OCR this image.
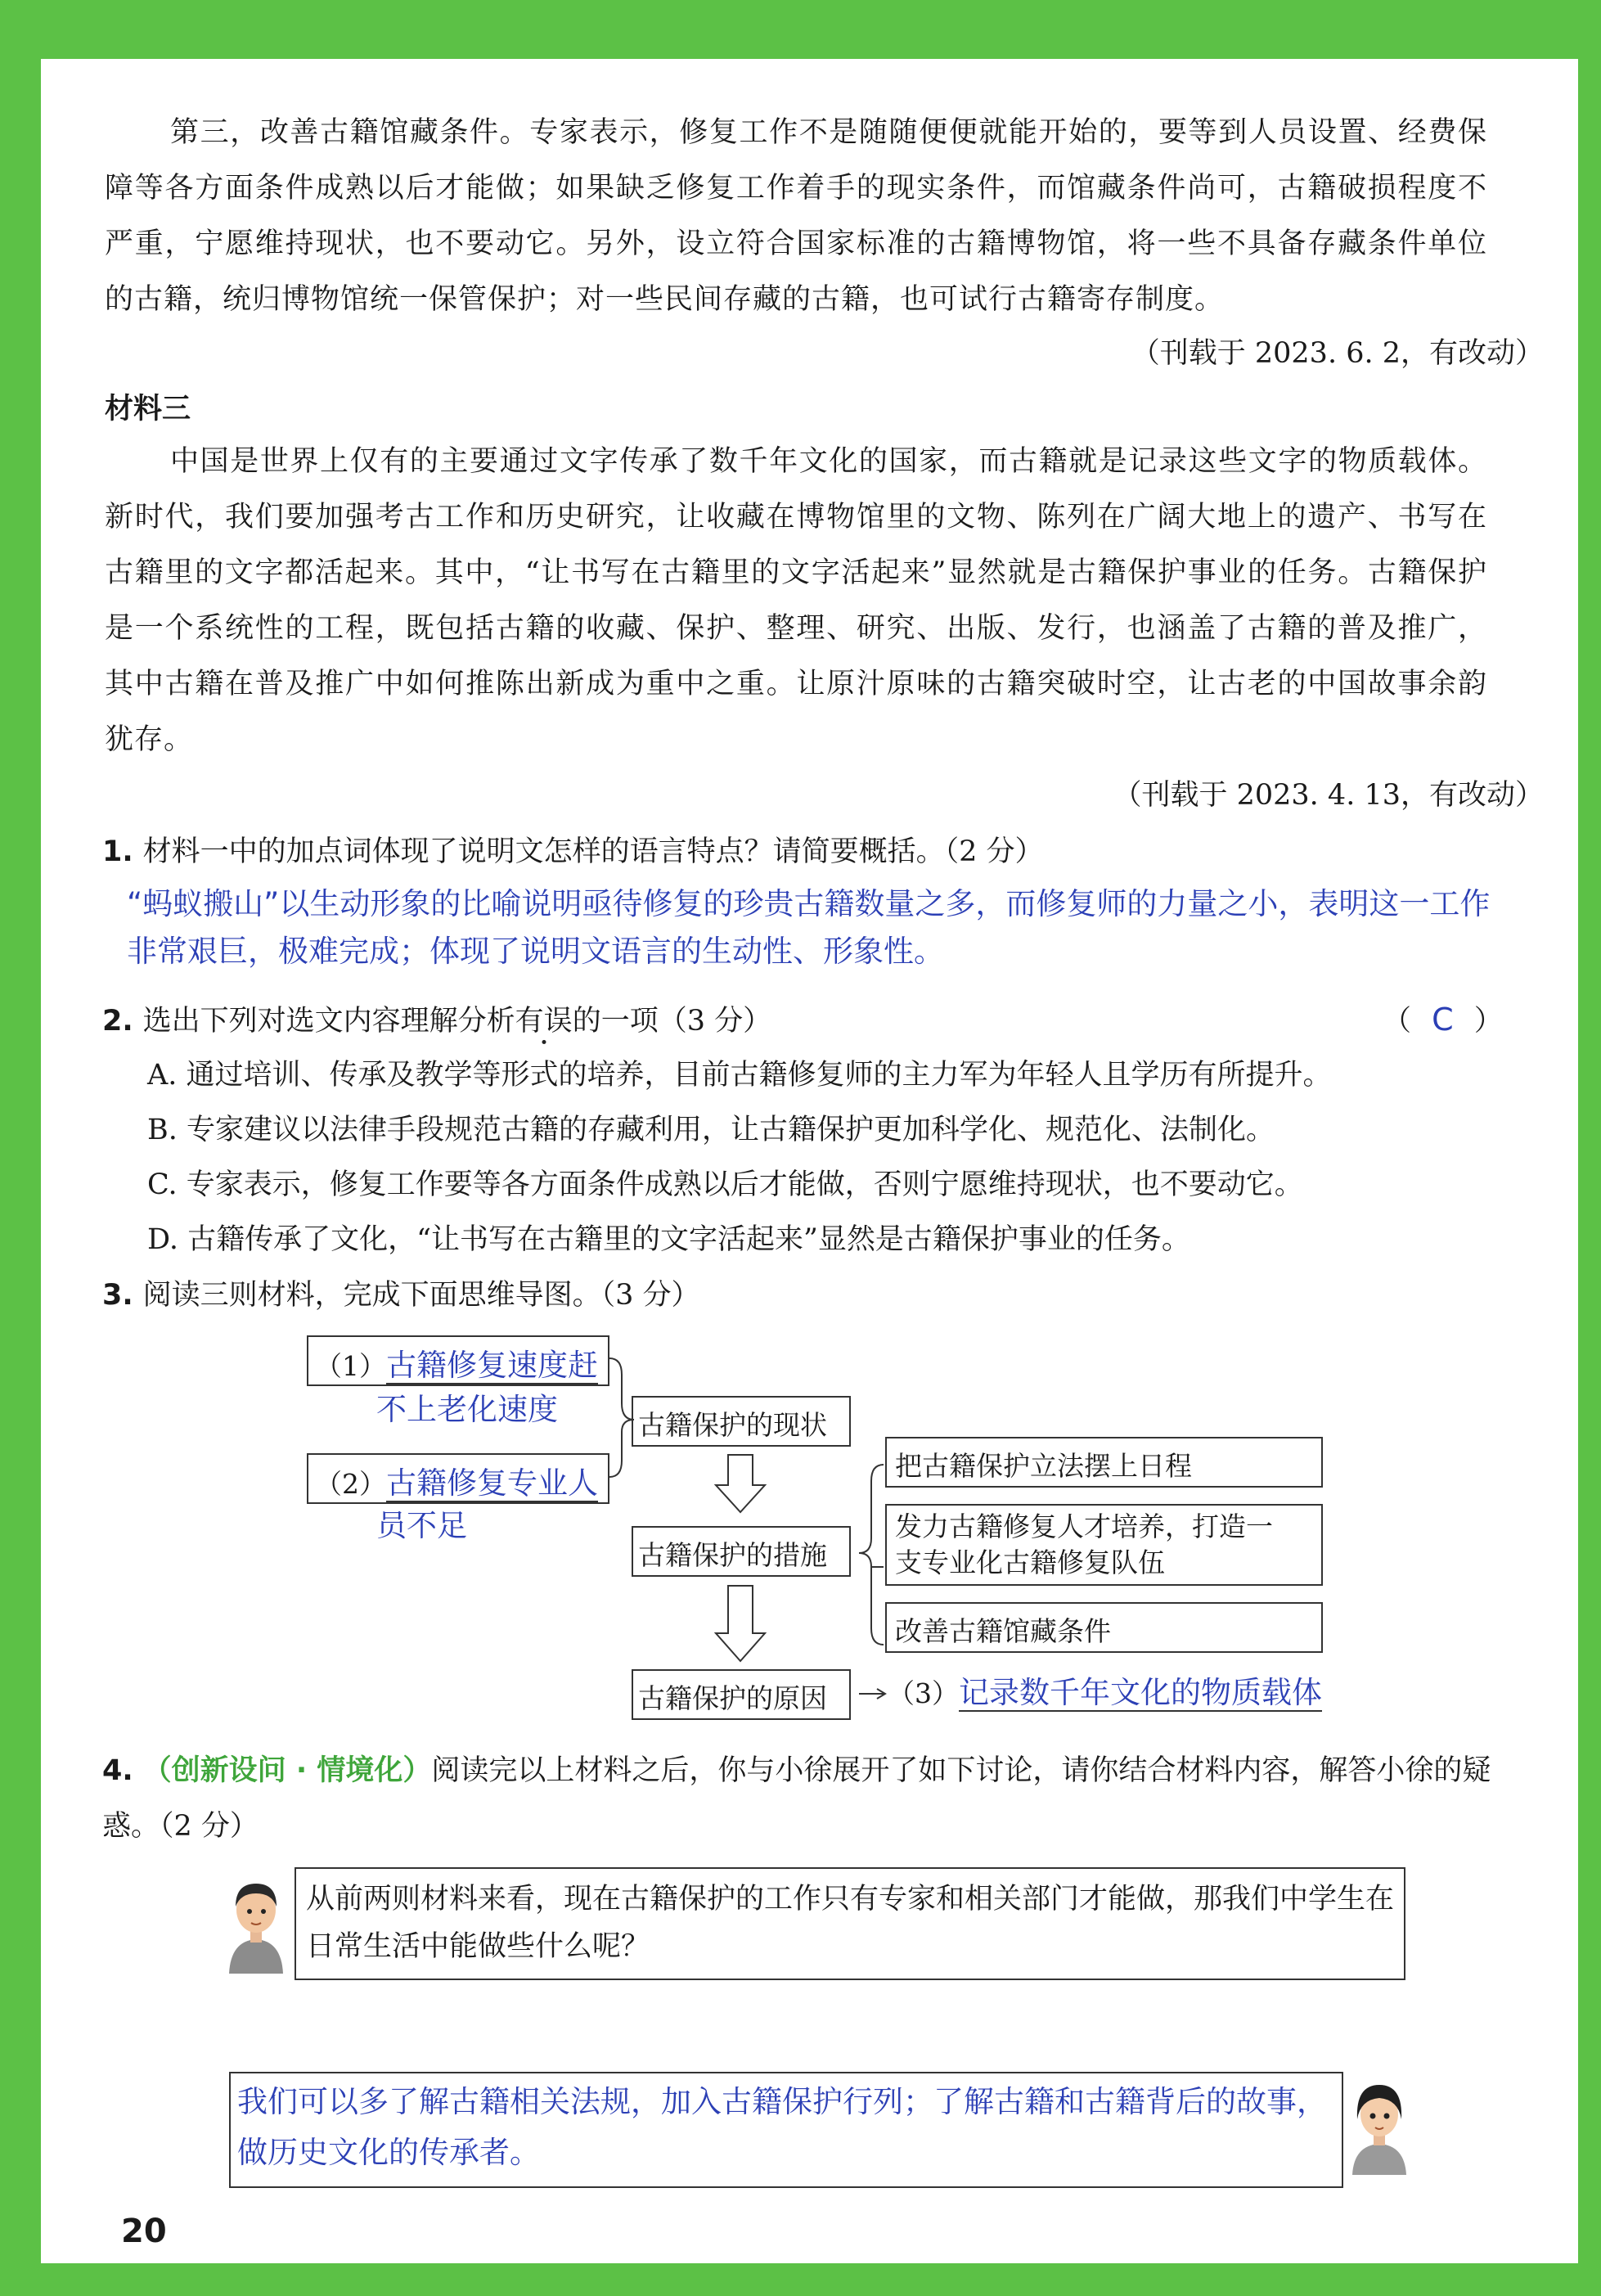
第三，改善古籍馆藏条件。专家表示，修复工作不是随随便便就能开始的，要等到人员设置、经费保障等各方面条件成熟以后才能做；如果缺乏修复工作着手的现实条件，而馆藏条件尚可，古籍破损程度不严重，宁愿维持现状，也不要动它。另外，设立符合国家标准的古籍博物馆，将一些不具备存藏条件单位的古籍，统归博物馆统一保管保护；对一些民间存藏的古籍，也可试行古籍寄存制度。
（刊载于 2023. 6. 2，有改动）
材料三
中国是世界上仅有的主要通过文字传承了数千年文化的国家，而古籍就是记录这些文字的物质载体。新时代，我们要加强考古工作和历史研究，让收藏在博物馆里的文物、陈列在广阔大地上的遗产、书写在古籍里的文字都活起来。其中，“让书写在古籍里的文字活起来”显然就是古籍保护事业的任务。古籍保护是一个系统性的工程，既包括古籍的收藏、保护、整理、研究、出版、发行，也涵盖了古籍的普及推广，其中古籍在普及推广中如何推陈出新成为重中之重。让原汁原味的古籍突破时空，让古老的中国故事余韵犹存。
（刊载于 2023. 4. 13，有改动）
1. 材料一中的加点词体现了说明文怎样的语言特点？请简要概括。（2 分）
“蚂蚁搬山”以生动形象的比喻说明亟待修复的珍贵古籍数量之多，而修复师的力量之小，表明这一工作非常艰巨，极难完成；体现了说明文语言的生动性、形象性。
2. 选出下列对选文内容理解分析有误的一项（3 分）	（ C ）
A. 通过培训、传承及教学等形式的培养，目前古籍修复师的主力军为年轻人且学历有所提升。
B. 专家建议以法律手段规范古籍的存藏利用，让古籍保护更加科学化、规范化、法制化。
C. 专家表示，修复工作要等各方面条件成熟以后才能做，否则宁愿维持现状，也不要动它。
D. 古籍传承了文化，“让书写在古籍里的文字活起来”显然是古籍保护事业的任务。
3. 阅读三则材料，完成下面思维导图。（3 分）
（1）古籍修复速度赶
不上老化速度
（2）古籍修复专业人
员不足
古籍保护的现状
古籍保护的措施
古籍保护的原因
把古籍保护立法摆上日程
发力古籍修复人才培养，打造一
支专业化古籍修复队伍
改善古籍馆藏条件
（3）记录数千年文化的物质载体
4. （创新设问 · 情境化）阅读完以上材料之后，你与小徐展开了如下讨论，请你结合材料内容，解答小徐的疑惑。（2 分）
从前两则材料来看，现在古籍保护的工作只有专家和相关部门才能做，那我们中学生在日常生活中能做些什么呢？
我们可以多了解古籍相关法规，加入古籍保护行列；了解古籍和古籍背后的故事，做历史文化的传承者。
20
